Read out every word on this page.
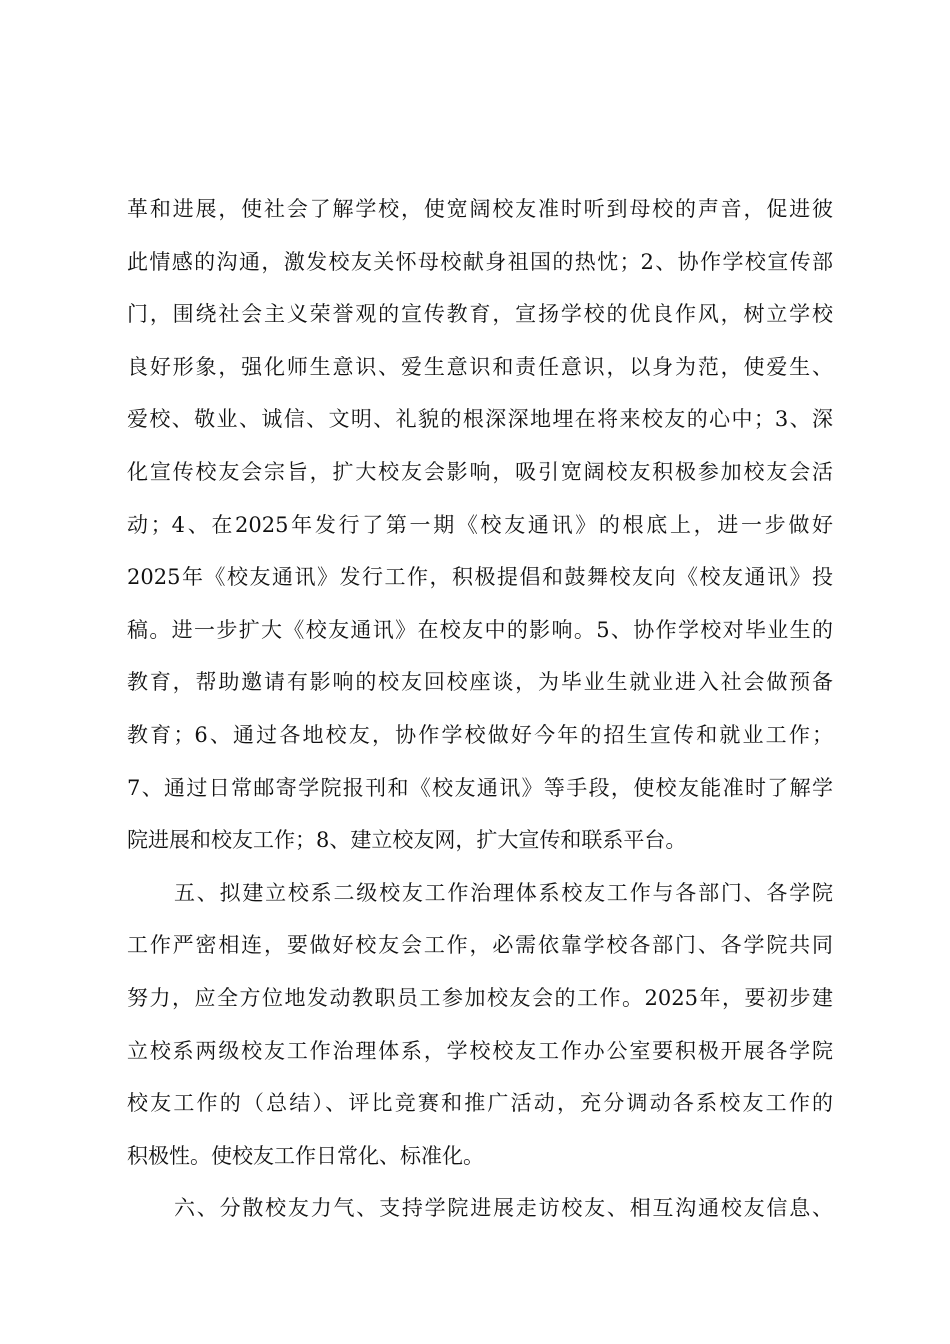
革和进展，使社会了解学校，使宽阔校友准时听到母校的声音，促进彼
此情感的沟通，激发校友关怀母校献身祖国的热忱；2、协作学校宣传部
门，围绕社会主义荣誉观的宣传教育，宣扬学校的优良作风，树立学校
良好形象，强化师生意识、爱生意识和责任意识，以身为范，使爱生、
爱校、敬业、诚信、文明、礼貌的根深深地埋在将来校友的心中；3、深
化宣传校友会宗旨，扩大校友会影响，吸引宽阔校友积极参加校友会活
动；4、在2025年发行了第一期《校友通讯》的根底上，进一步做好
2025年《校友通讯》发行工作，积极提倡和鼓舞校友向《校友通讯》投
稿。进一步扩大《校友通讯》在校友中的影响。5、协作学校对毕业生的
教育，帮助邀请有影响的校友回校座谈，为毕业生就业进入社会做预备
教育；6、通过各地校友，协作学校做好今年的招生宣传和就业工作；
7、通过日常邮寄学院报刊和《校友通讯》等手段，使校友能准时了解学
院进展和校友工作；8、建立校友网，扩大宣传和联系平台。
五、拟建立校系二级校友工作治理体系校友工作与各部门、各学院
工作严密相连，要做好校友会工作，必需依靠学校各部门、各学院共同
努力，应全方位地发动教职员工参加校友会的工作。2025年，要初步建
立校系两级校友工作治理体系，学校校友工作办公室要积极开展各学院
校友工作的（总结）、评比竞赛和推广活动，充分调动各系校友工作的
积极性。使校友工作日常化、标准化。
六、分散校友力气、支持学院进展走访校友、相互沟通校友信息、
